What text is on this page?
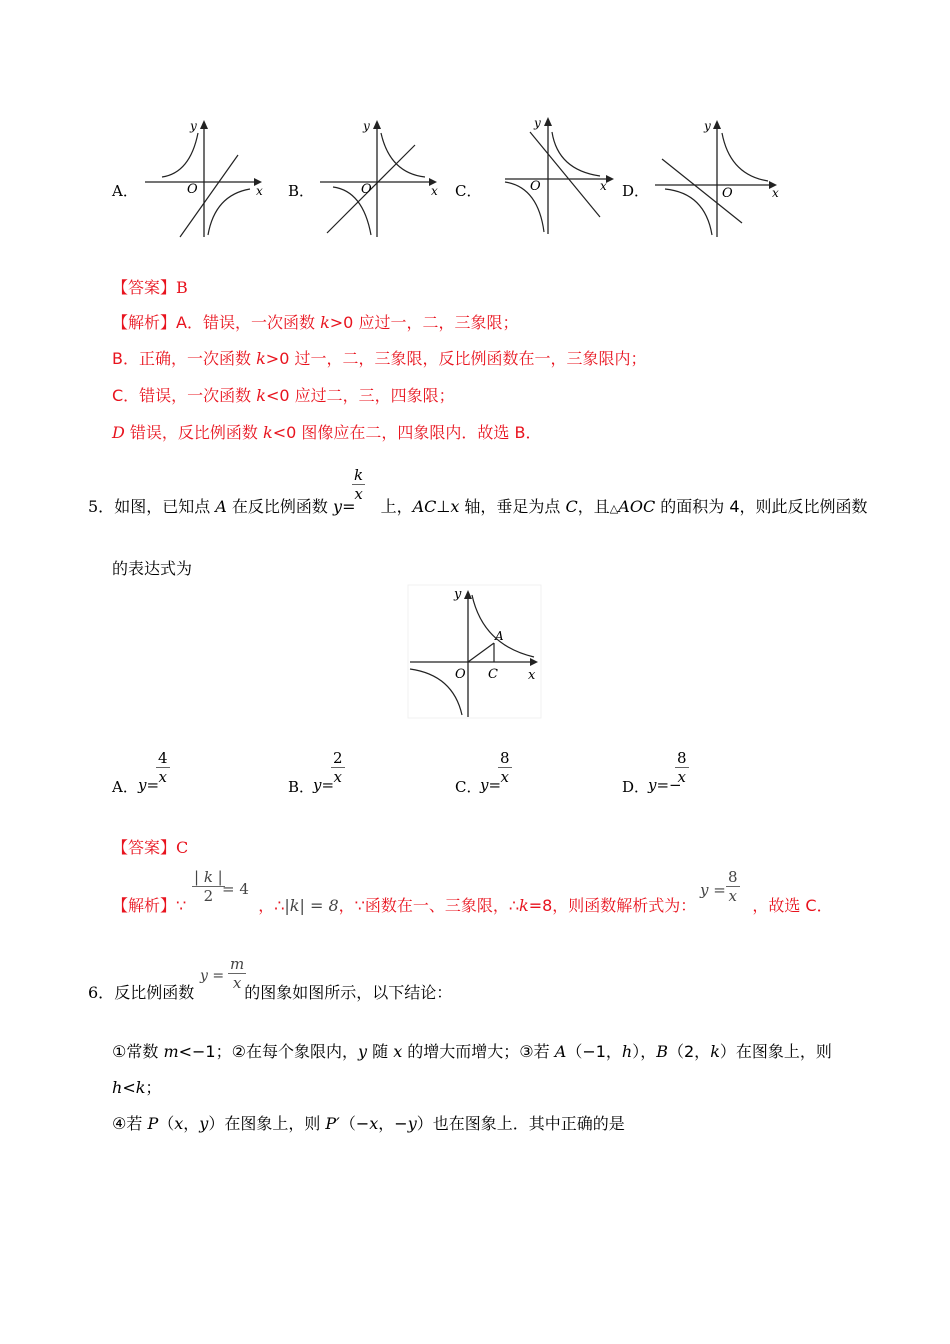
A．	O	x
y
B．	O	x
y
C．	O	x
y
D．	O	x
y
【答案】B
【解析】A．错误，一次函数 k>0 应过一，二，三象限；
B．正确，一次函数 k>0 过一，二，三象限，反比例函数在一，三象限内；
C．错误，一次函数 k<0 应过二，三，四象限；
D 错误，反比例函数 k<0 图像应在二，四象限内．故选 B．
5．如图，已知点 A 在反比例函数 y= 上，AC⊥x 轴，垂足为点 C，且△AOC 的面积为 4，则此反比例函数
k
x
的表达式为
y
x
O C
A
A． y=
4
x
B．
y=
2
x
C．
y=
8
x
D．
y=−
8
x
【答案】C
【解析】∵	，∴|k| = 8，∵函数在一、三象限，∴k=8，则函数解析式为：	，故选 C．
| k |
2 = 4	y =
8
x
6．反比例函数	的图象如图所示，以下结论：
y =
m
x
①常数 m<−1；②在每个象限内，y 随 x 的增大而增大；③若 A（−1，h），B（2，k）在图象上，则
h<k；
④若 P（x，y）在图象上，则 P′（−x，−y）也在图象上．其中正确的是
